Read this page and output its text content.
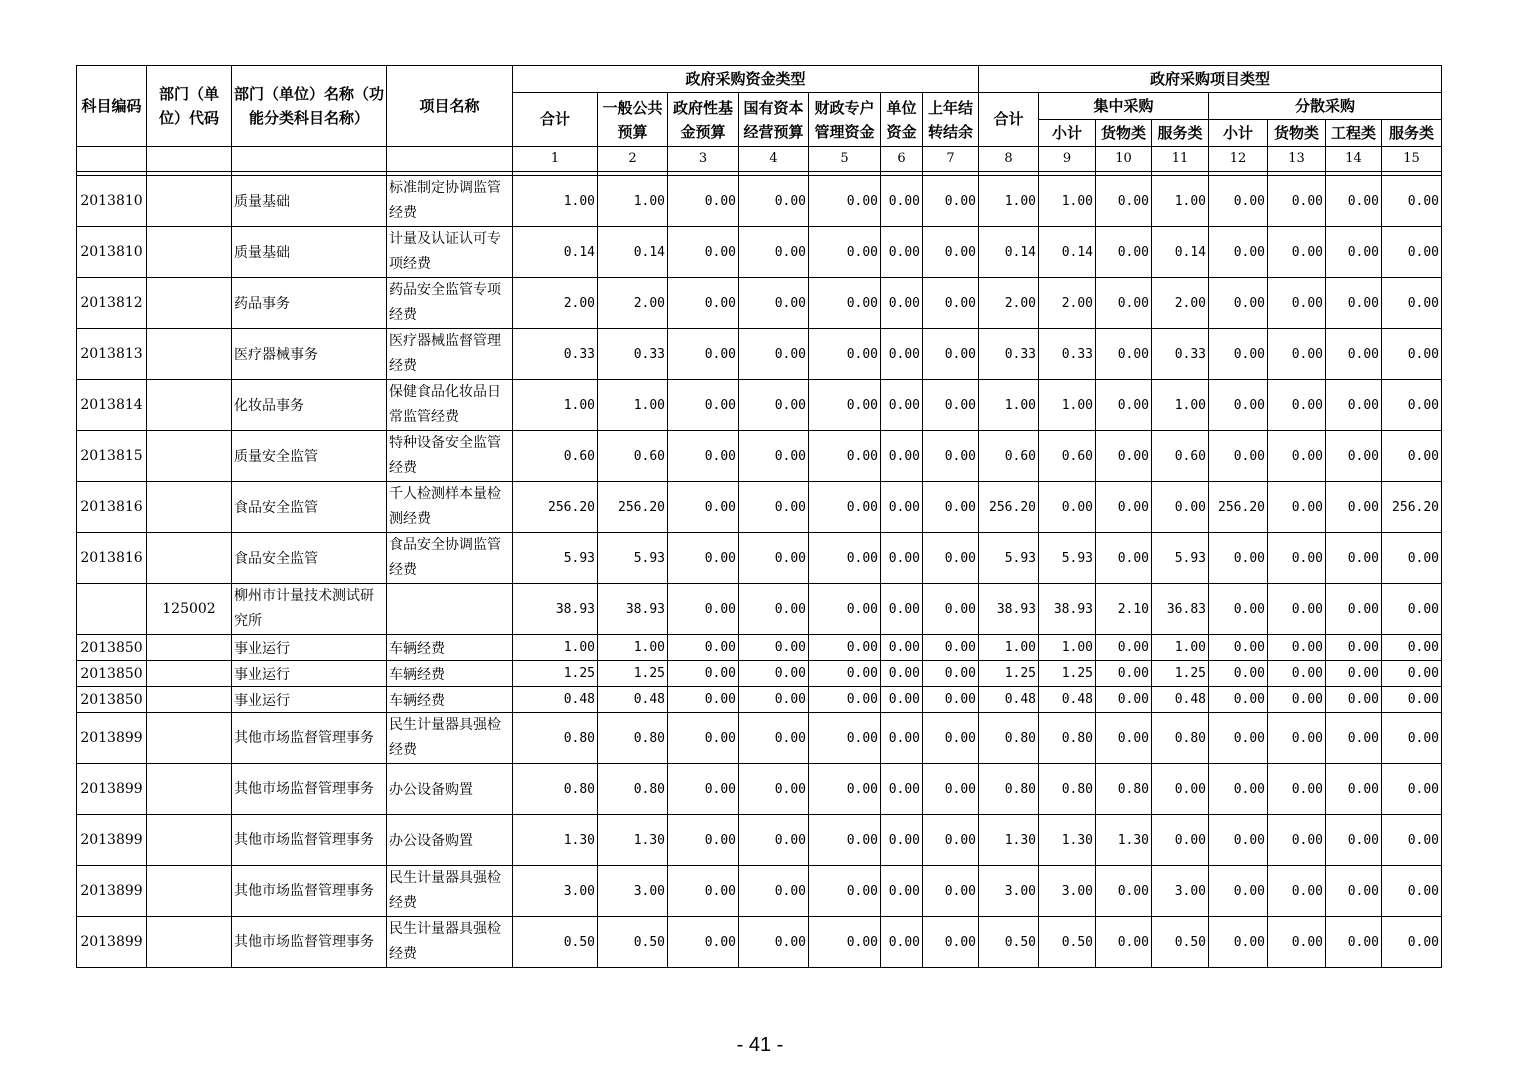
科目编码	部门（单位）代码	部门（单位）名称（功能分类科目名称）	项目名称	政府采购资金类型							政府采购项目类型							
				合计	一般公共预算	政府性基金预算	国有资本经营预算	财政专户管理资金	单位资金	上年结转结余	合计	集中采购			分散采购			
												小计	货物类	服务类	小计	货物类	工程类	服务类
				1	2	3	4	5	6	7	8	9	10	11	12	13	14	15

2013810		质量基础	标准制定协调监管经费	1.00	1.00	0.00	0.00	0.00	0.00	0.00	1.00	1.00	0.00	1.00	0.00	0.00	0.00	0.00
2013810		质量基础	计量及认证认可专项经费	0.14	0.14	0.00	0.00	0.00	0.00	0.00	0.14	0.14	0.00	0.14	0.00	0.00	0.00	0.00
2013812		药品事务	药品安全监管专项经费	2.00	2.00	0.00	0.00	0.00	0.00	0.00	2.00	2.00	0.00	2.00	0.00	0.00	0.00	0.00
2013813		医疗器械事务	医疗器械监督管理经费	0.33	0.33	0.00	0.00	0.00	0.00	0.00	0.33	0.33	0.00	0.33	0.00	0.00	0.00	0.00
2013814		化妆品事务	保健食品化妆品日常监管经费	1.00	1.00	0.00	0.00	0.00	0.00	0.00	1.00	1.00	0.00	1.00	0.00	0.00	0.00	0.00
2013815		质量安全监管	特种设备安全监管经费	0.60	0.60	0.00	0.00	0.00	0.00	0.00	0.60	0.60	0.00	0.60	0.00	0.00	0.00	0.00
2013816		食品安全监管	千人检测样本量检测经费	256.20	256.20	0.00	0.00	0.00	0.00	0.00	256.20	0.00	0.00	0.00	256.20	0.00	0.00	256.20
2013816		食品安全监管	食品安全协调监管经费	5.93	5.93	0.00	0.00	0.00	0.00	0.00	5.93	5.93	0.00	5.93	0.00	0.00	0.00	0.00
	125002	柳州市计量技术测试研究所		38.93	38.93	0.00	0.00	0.00	0.00	0.00	38.93	38.93	2.10	36.83	0.00	0.00	0.00	0.00
2013850		事业运行	车辆经费	1.00	1.00	0.00	0.00	0.00	0.00	0.00	1.00	1.00	0.00	1.00	0.00	0.00	0.00	0.00
2013850		事业运行	车辆经费	1.25	1.25	0.00	0.00	0.00	0.00	0.00	1.25	1.25	0.00	1.25	0.00	0.00	0.00	0.00
2013850		事业运行	车辆经费	0.48	0.48	0.00	0.00	0.00	0.00	0.00	0.48	0.48	0.00	0.48	0.00	0.00	0.00	0.00
2013899		其他市场监督管理事务	民生计量器具强检经费	0.80	0.80	0.00	0.00	0.00	0.00	0.00	0.80	0.80	0.00	0.80	0.00	0.00	0.00	0.00
2013899		其他市场监督管理事务	办公设备购置	0.80	0.80	0.00	0.00	0.00	0.00	0.00	0.80	0.80	0.80	0.00	0.00	0.00	0.00	0.00
2013899		其他市场监督管理事务	办公设备购置	1.30	1.30	0.00	0.00	0.00	0.00	0.00	1.30	1.30	1.30	0.00	0.00	0.00	0.00	0.00
2013899		其他市场监督管理事务	民生计量器具强检经费	3.00	3.00	0.00	0.00	0.00	0.00	0.00	3.00	3.00	0.00	3.00	0.00	0.00	0.00	0.00
2013899		其他市场监督管理事务	民生计量器具强检经费	0.50	0.50	0.00	0.00	0.00	0.00	0.00	0.50	0.50	0.00	0.50	0.00	0.00	0.00	0.00
- 41 -
